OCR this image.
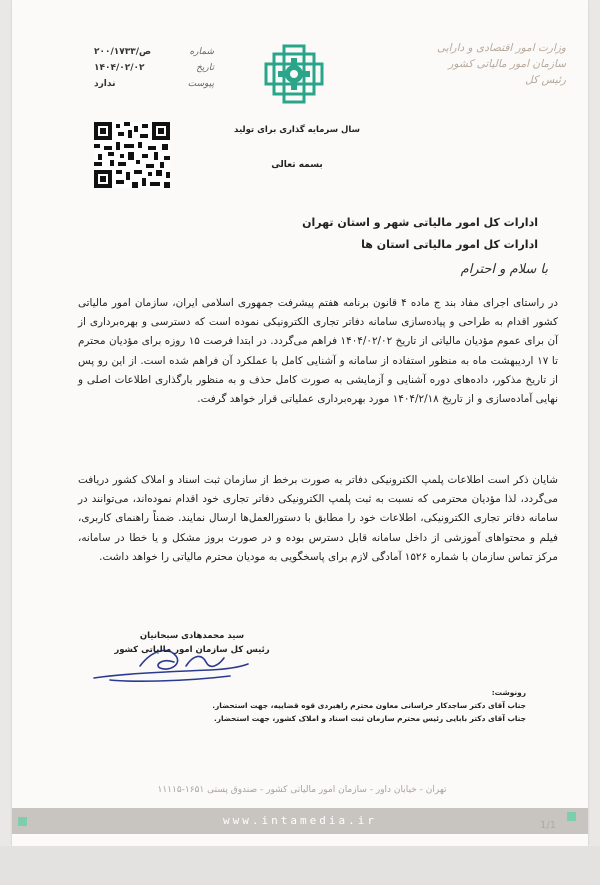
وزارت امور اقتصادی و دارایی
سازمان امور مالیاتی کشور
رئیس کل
سال سرمایه گذاری برای تولید
بسمه تعالی
شماره
۲۰۰/۱۷۳۳/ص
تاریخ
۱۴۰۴/۰۲/۰۲
پیوست
ندارد
ادارات کل امور مالیاتی شهر و استان تهران
ادارات کل امور مالیاتی استان ها
با سلام و احترام
در راستای اجرای مفاد بند ج ماده ۴ قانون برنامه هفتم پیشرفت جمهوری اسلامی ایران، سازمان امور مالیاتی کشور اقدام به طراحی و پیاده‌سازی سامانه دفاتر تجاری الکترونیکی نموده است که دسترسی و بهره‌برداری از آن برای عموم مؤدیان مالیاتی از تاریخ ۱۴۰۴/۰۲/۰۲ فراهم می‌گردد. در ابتدا فرصت ۱۵ روزه برای مؤدیان محترم تا ۱۷ اردیبهشت ماه به منظور استفاده از سامانه و آشنایی کامل با عملکرد آن فراهم شده است. از این رو پس از تاریخ مذکور، داده‌های دوره آشنایی و آزمایشی به صورت کامل حذف و به منظور بارگذاری اطلاعات اصلی و نهایی آماده‌سازی و از تاریخ ۱۴۰۴/۲/۱۸ مورد بهره‌برداری عملیاتی قرار خواهد گرفت.
شایان ذکر است اطلاعات پلمپ الکترونیکی دفاتر به صورت برخط از سازمان ثبت اسناد و املاک کشور دریافت می‌گردد، لذا مؤدیان محترمی که نسبت به ثبت پلمپ الکترونیکی دفاتر تجاری خود اقدام نموده‌اند، می‌توانند در سامانه دفاتر تجاری الکترونیکی، اطلاعات خود را مطابق با دستورالعمل‌ها ارسال نمایند. ضمناً راهنمای کاربری، فیلم و محتواهای آموزشی از داخل سامانه قابل دسترس بوده و در صورت بروز مشکل و یا خطا در سامانه، مرکز تماس سازمان با شماره ۱۵۲۶ آمادگی لازم برای پاسخگویی به مودیان محترم مالیاتی را خواهد داشت.
سید محمدهادی سبحانیان
رئیس کل سازمان امور مالیاتی کشور
رونوشت:
جناب آقای دکتر ساجدکار خراسانی معاون محترم راهبردی قوه قضاییه، جهت استحضار.
جناب آقای دکتر بابایی رئیس محترم سازمان ثبت اسناد و املاک کشور، جهت استحضار.
تهران - خیابان داور - سازمان امور مالیاتی کشور - صندوق پستی ۱۶۵۱-۱۱۱۱۵
www.intamedia.ir	1/1
